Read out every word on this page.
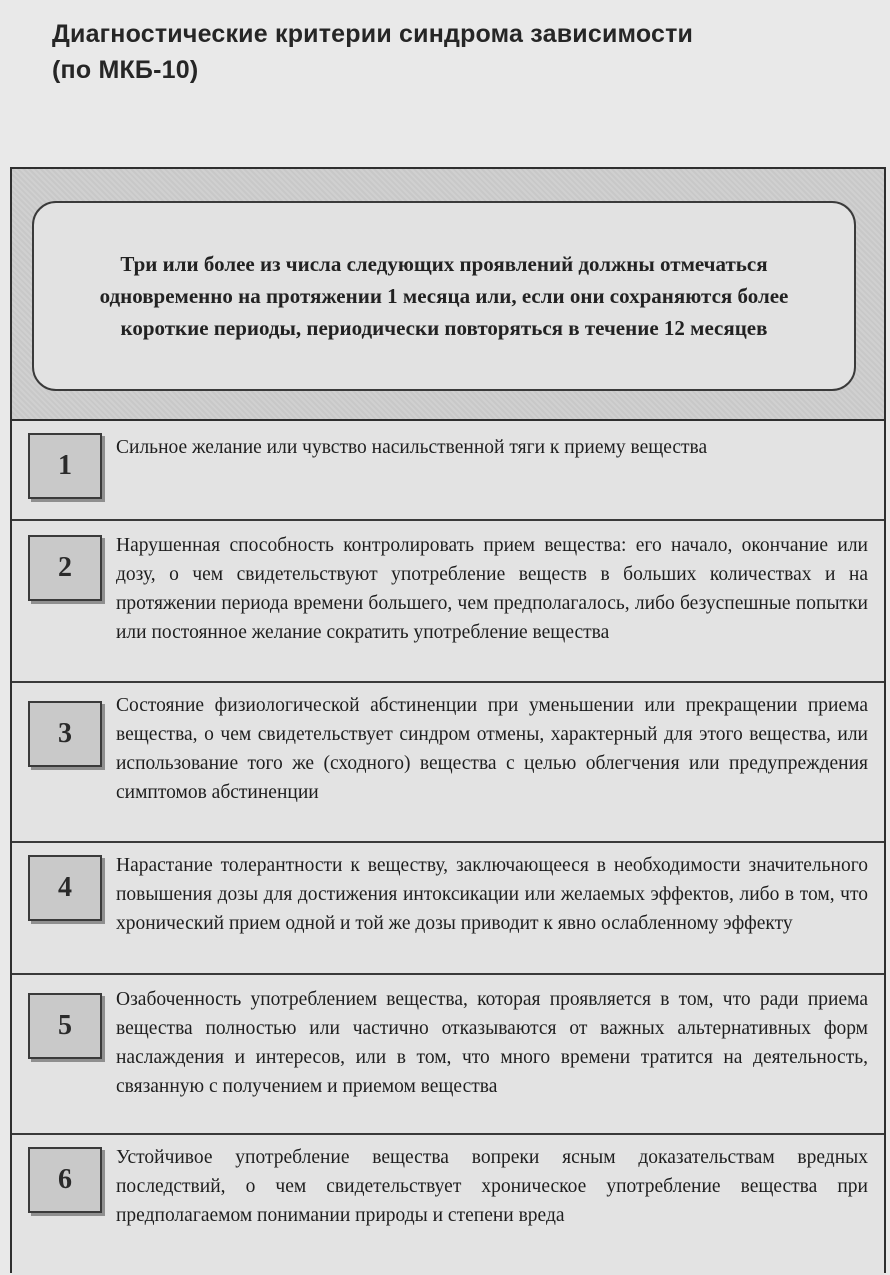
Диагностические критерии синдрома зависимости
(по МКБ-10)
Три или более из числа следующих проявлений должны отмечаться одновременно на протяжении 1 месяца или, если они сохраняются более короткие периоды, периодически повторяться в течение 12 месяцев
1
Сильное желание или чувство насильственной тяги к приему вещества
2
Нарушенная способность контролировать прием вещества: его начало, окончание или дозу, о чем свидетельствуют употребление веществ в больших количествах и на протяжении периода времени большего, чем предполагалось, либо безуспешные попытки или постоянное желание сократить употребление вещества
3
Состояние физиологической абстиненции при уменьшении или прекращении приема вещества, о чем свидетельствует синдром отмены, характерный для этого вещества, или использование того же (сходного) вещества с целью облегчения или предупреждения симптомов абстиненции
4
Нарастание толерантности к веществу, заключающееся в необходимости значительного повышения дозы для достижения интоксикации или желаемых эффектов, либо в том, что хронический прием одной и той же дозы приводит к явно ослабленному эффекту
5
Озабоченность употреблением вещества, которая проявляется в том, что ради приема вещества полностью или частично отказываются от важных альтернативных форм наслаждения и интересов, или в том, что много времени тратится на деятельность, связанную с получением и приемом вещества
6
Устойчивое употребление вещества вопреки ясным доказательствам вредных последствий, о чем свидетельствует хроническое употребление вещества при предполагаемом понимании природы и степени вреда
